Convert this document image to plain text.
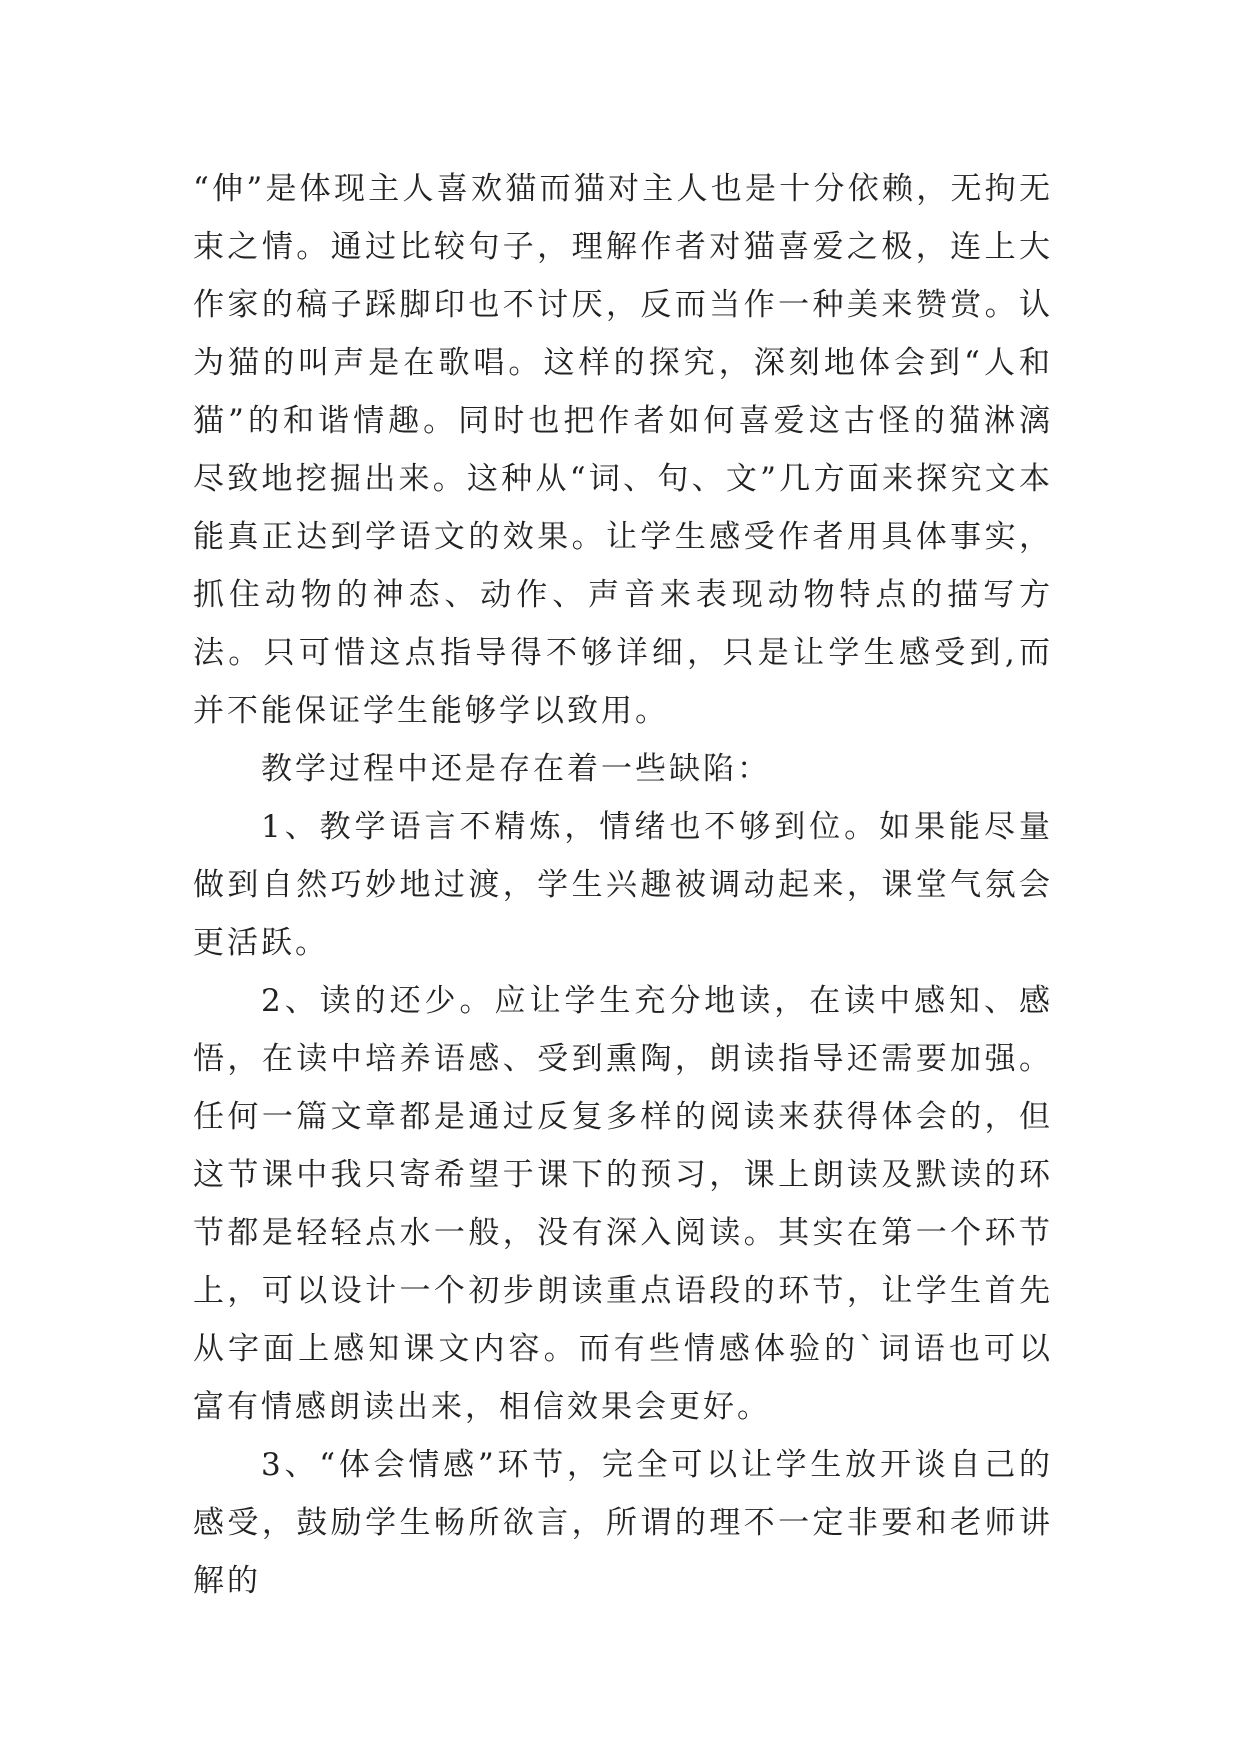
“伸”是体现主人喜欢猫而猫对主人也是十分依赖，无拘无束之情。通过比较句子，理解作者对猫喜爱之极，连上大作家的稿子踩脚印也不讨厌，反而当作一种美来赞赏。认为猫的叫声是在歌唱。这样的探究，深刻地体会到“人和猫”的和谐情趣。同时也把作者如何喜爱这古怪的猫淋漓尽致地挖掘出来。这种从“词、句、文”几方面来探究文本能真正达到学语文的效果。让学生感受作者用具体事实，抓住动物的神态、动作、声音来表现动物特点的描写方法。只可惜这点指导得不够详细，只是让学生感受到,而并不能保证学生能够学以致用。

教学过程中还是存在着一些缺陷：

1、教学语言不精炼，情绪也不够到位。如果能尽量做到自然巧妙地过渡，学生兴趣被调动起来，课堂气氛会更活跃。

2、读的还少。应让学生充分地读，在读中感知、感悟，在读中培养语感、受到熏陶，朗读指导还需要加强。任何一篇文章都是通过反复多样的阅读来获得体会的，但这节课中我只寄希望于课下的预习，课上朗读及默读的环节都是轻轻点水一般，没有深入阅读。其实在第一个环节上，可以设计一个初步朗读重点语段的环节，让学生首先从字面上感知课文内容。而有些情感体验的`词语也可以富有情感朗读出来，相信效果会更好。

3、“体会情感”环节，完全可以让学生放开谈自己的感受，鼓励学生畅所欲言，所谓的理不一定非要和老师讲解的
